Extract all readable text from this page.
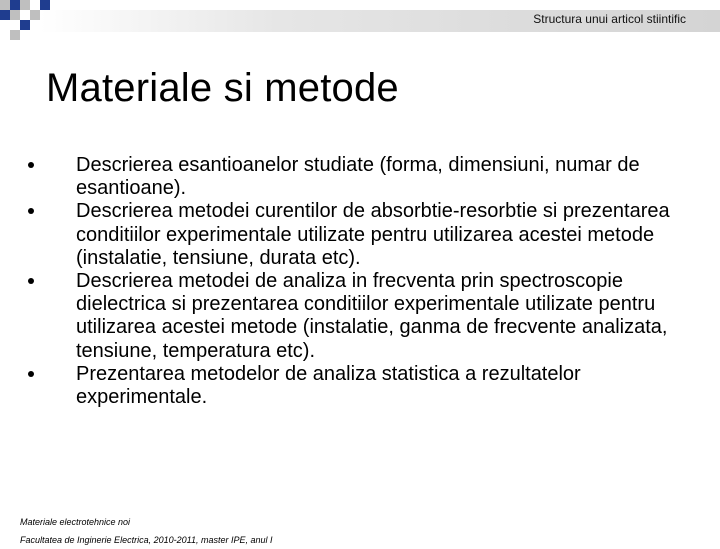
Structura unui articol stiintific
Materiale si metode
Descrierea esantioanelor studiate (forma, dimensiuni, numar de esantioane).
Descrierea metodei curentilor de absorbtie-resorbtie si prezentarea conditiilor experimentale utilizate pentru utilizarea acestei metode (instalatie, tensiune, durata etc).
Descrierea metodei de analiza in frecventa prin spectroscopie dielectrica si prezentarea conditiilor experimentale utilizate pentru utilizarea acestei metode (instalatie, ganma de frecvente analizata, tensiune, temperatura etc).
Prezentarea metodelor de analiza statistica a rezultatelor experimentale.
Materiale electrotehnice noi
Facultatea de Inginerie Electrica, 2010-2011, master IPE, anul I
